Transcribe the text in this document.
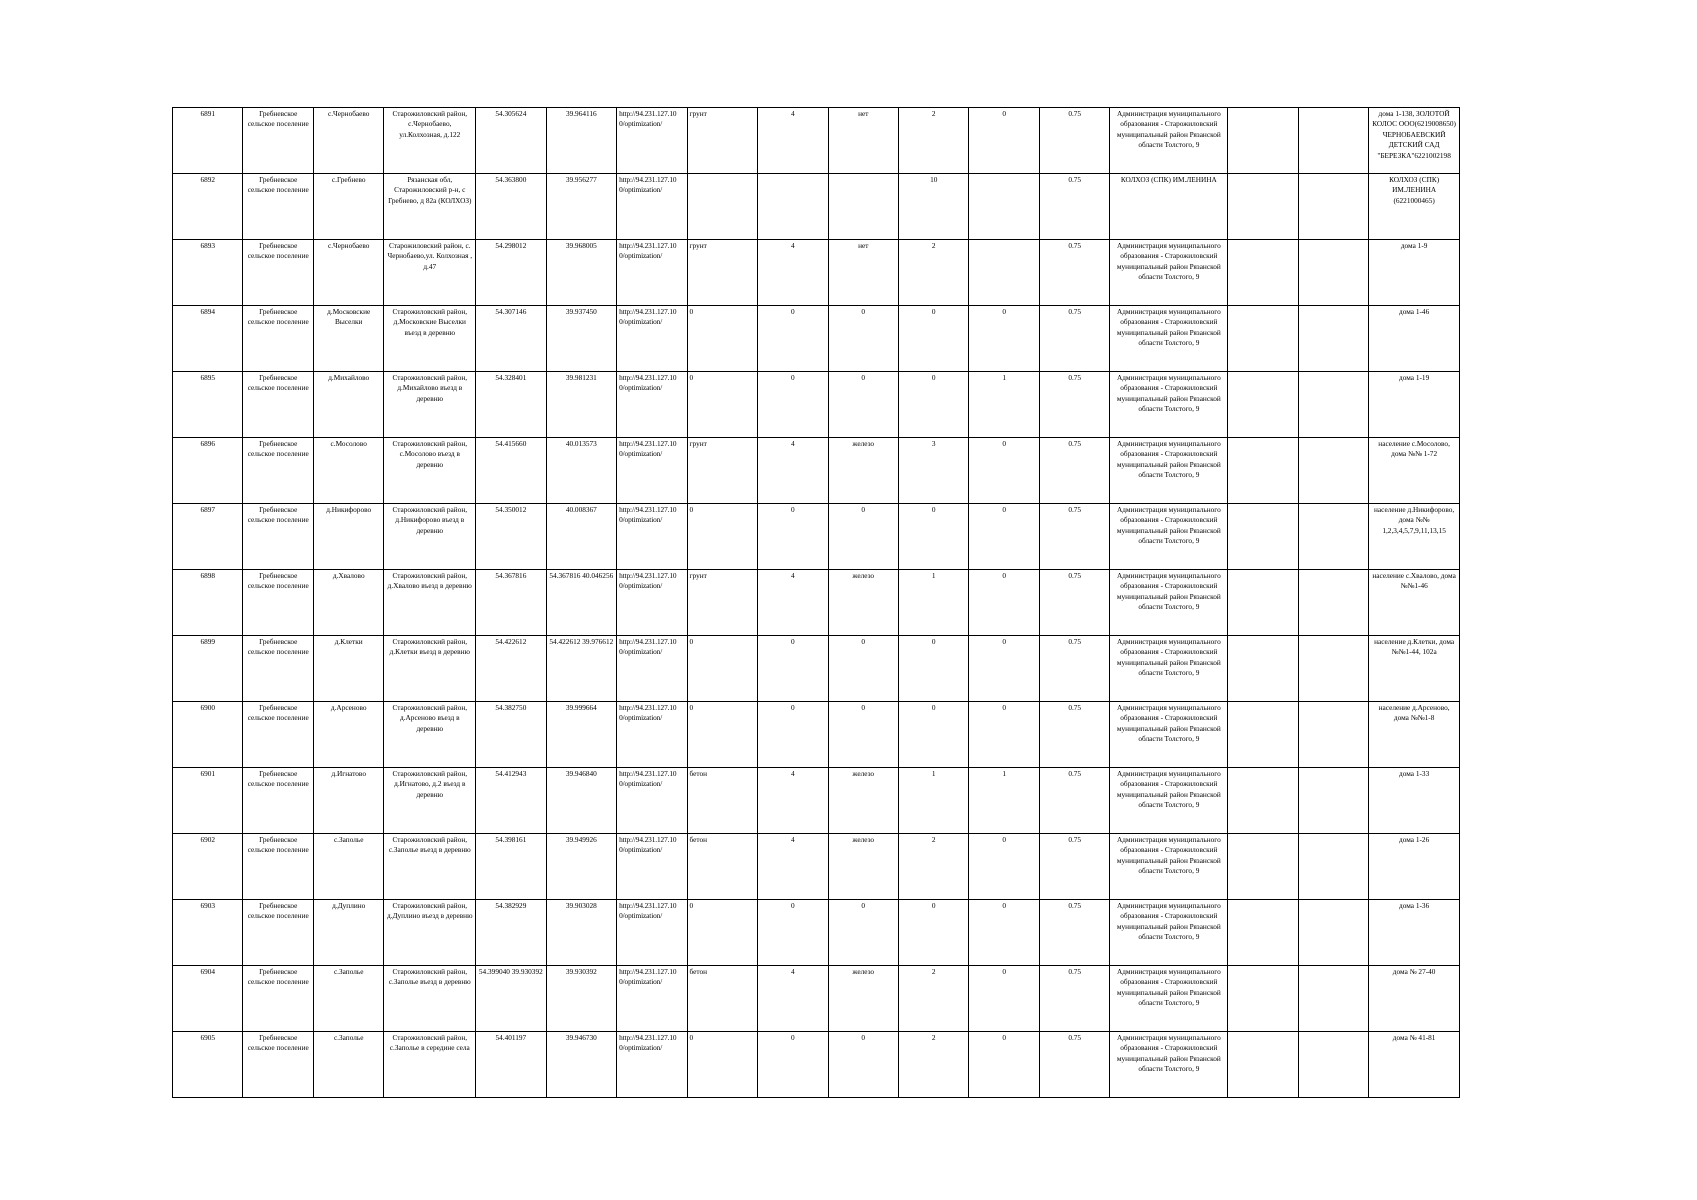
6891	Гребневское сельское поселение	с.Чернобаево	Старожиловский район, с.Чернобаево, ул.Колхозная, д.122	54.305624	39.964116	http://94.231.127.10 0/optimization/	грунт	4	нет	2	0	0.75	Администрация муниципального образования - Старожиловский муниципальный район Рязанской области Толстого, 9			дома 1-138, ЗОЛОТОЙ КОЛОС ООО(6219008650) ЧЕРНОБАЕВСКИЙ ДЕТСКИЙ САД "БЕРЕЗКА"6221002198
6892	Гребневское сельское поселение	с.Гребнево	Рязанская обл, Старожиловский р-н, с Гребнево, д 82а (КОЛХОЗ)	54.363800	39.956277	http://94.231.127.10 0/optimization/				10		0.75	КОЛХОЗ (СПК) ИМ.ЛЕНИНА			КОЛХОЗ (СПК) ИМ.ЛЕНИНА (6221000465)
6893	Гребневское сельское поселение	с.Чернобаево	Старожиловский район, с. Чернобаево,ул. Колхозная , д.47	54.298012	39.968005	http://94.231.127.10 0/optimization/	грунт	4	нет	2		0.75	Администрация муниципального образования - Старожиловский муниципальный район Рязанской области Толстого, 9			дома 1-9
6894	Гребневское сельское поселение	д.Московские Выселки	Старожиловский район, д.Московские Выселки въезд в деревню	54.307146	39.937450	http://94.231.127.10 0/optimization/	0	0	0	0	0	0.75	Администрация муниципального образования - Старожиловский муниципальный район Рязанской области Толстого, 9			дома 1-46
6895	Гребневское сельское поселение	д.Михайлово	Старожиловский район, д.Михайлово въезд в деревню	54.328401	39.981231	http://94.231.127.10 0/optimization/	0	0	0	0	1	0.75	Администрация муниципального образования - Старожиловский муниципальный район Рязанской области Толстого, 9			дома 1-19
6896	Гребневское сельское поселение	с.Мосолово	Старожиловский район, с.Мосолово въезд в деревню	54.415660	40.013573	http://94.231.127.10 0/optimization/	грунт	4	железо	3	0	0.75	Администрация муниципального образования - Старожиловский муниципальный район Рязанской области Толстого, 9			население с.Мосолово, дома №№ 1-72
6897	Гребневское сельское поселение	д.Никифорово	Старожиловский район, д.Никифорово въезд в деревню	54.350012	40.008367	http://94.231.127.10 0/optimization/	0	0	0	0	0	0.75	Администрация муниципального образования - Старожиловский муниципальный район Рязанской области Толстого, 9			население д.Никифорово, дома №№ 1,2,3,4,5,7,9,11,13,15
6898	Гребневское сельское поселение	д.Хвалово	Старожиловский район, д.Хвалово въезд в деревню	54.367816	54.367816 40.046256	http://94.231.127.10 0/optimization/	грунт	4	железо	1	0	0.75	Администрация муниципального образования - Старожиловский муниципальный район Рязанской области Толстого, 9			население с.Хвалово, дома №№1-46
6899	Гребневское сельское поселение	д.Клетки	Старожиловский район, д.Клетки въезд в деревню	54.422612	54.422612 39.976612	http://94.231.127.10 0/optimization/	0	0	0	0	0	0.75	Администрация муниципального образования - Старожиловский муниципальный район Рязанской области Толстого, 9			население д.Клетки, дома №№1-44, 102а
6900	Гребневское сельское поселение	д.Арсеново	Старожиловский район, д.Арсеново въезд в деревню	54.382750	39.999664	http://94.231.127.10 0/optimization/	0	0	0	0	0	0.75	Администрация муниципального образования - Старожиловский муниципальный район Рязанской области Толстого, 9			население д.Арсеново, дома №№1-8
6901	Гребневское сельское поселение	д.Игнатово	Старожиловский район, д.Игнатово, д.2 въезд в деревню	54.412943	39.946840	http://94.231.127.10 0/optimization/	бетон	4	железо	1	1	0.75	Администрация муниципального образования - Старожиловский муниципальный район Рязанской области Толстого, 9			дома 1-33
6902	Гребневское сельское поселение	с.Заполье	Старожиловский район, с.Заполье въезд в деревню	54.398161	39.949926	http://94.231.127.10 0/optimization/	бетон	4	железо	2	0	0.75	Администрация муниципального образования - Старожиловский муниципальный район Рязанской области Толстого, 9			дома 1-26
6903	Гребневское сельское поселение	д.Дуплино	Старожиловский район, д.Дуплино въезд в деревню	54.382929	39.903028	http://94.231.127.10 0/optimization/	0	0	0	0	0	0.75	Администрация муниципального образования - Старожиловский муниципальный район Рязанской области Толстого, 9			дома 1-36
6904	Гребневское сельское поселение	с.Заполье	Старожиловский район, с.Заполье въезд в деревню	54.399040 39.930392	39.930392	http://94.231.127.10 0/optimization/	бетон	4	железо	2	0	0.75	Администрация муниципального образования - Старожиловский муниципальный район Рязанской области Толстого, 9			дома № 27-40
6905	Гребневское сельское поселение	с.Заполье	Старожиловский район, с.Заполье в середине села	54.401197	39.946730	http://94.231.127.10 0/optimization/	0	0	0	2	0	0.75	Администрация муниципального образования - Старожиловский муниципальный район Рязанской области Толстого, 9			дома № 41-81
